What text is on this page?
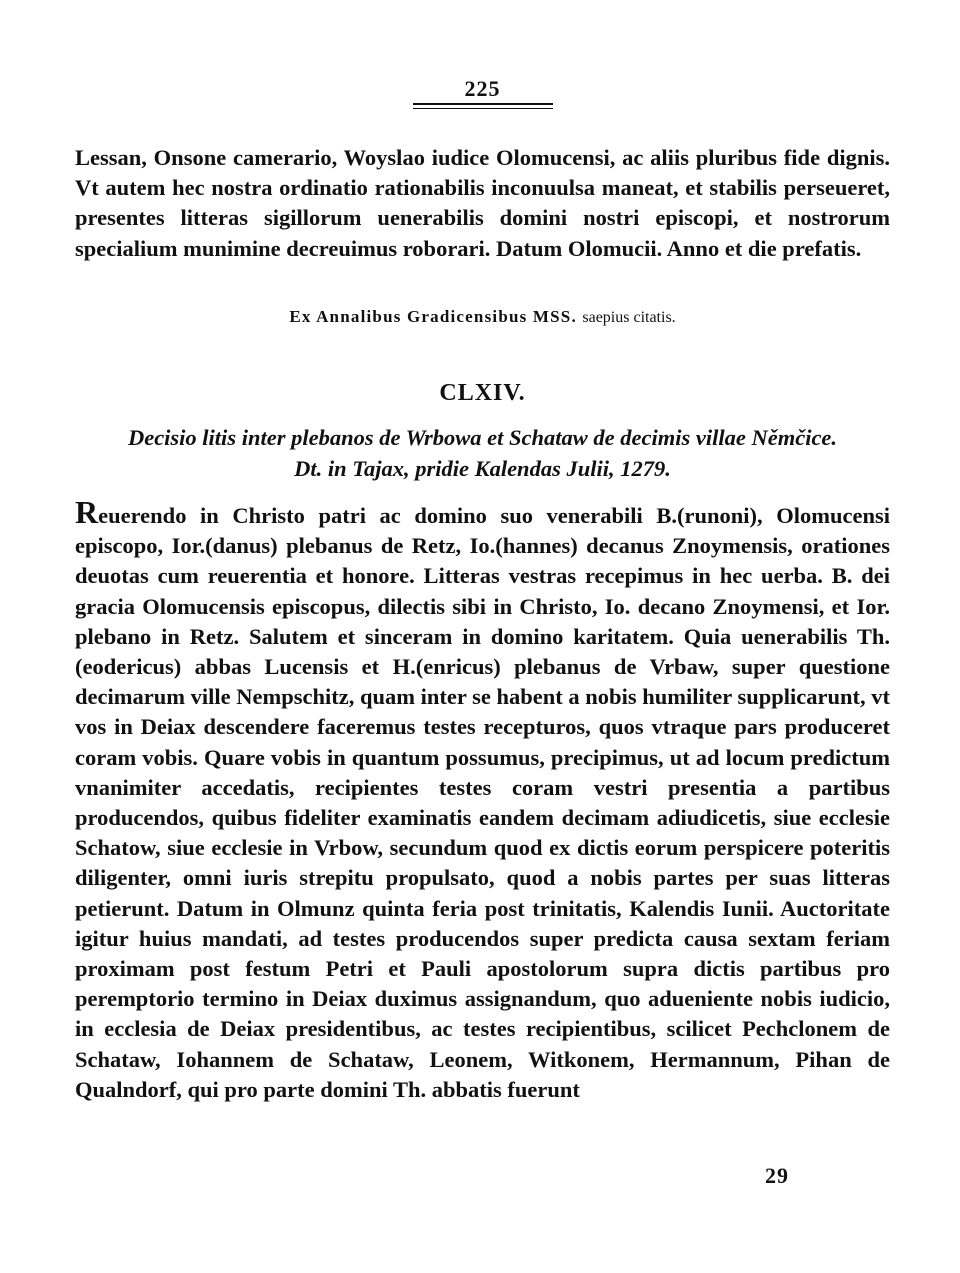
225

Lessan, Onsone camerario, Woyslao iudice Olomucensi, ac aliis pluribus fide dignis. Vt autem hec nostra ordinatio rationabilis inconuulsa maneat, et stabilis perseueret, presentes litteras sigillorum uenerabilis domini nostri episcopi, et nostrorum specialium munimine decreuimus roborari. Datum Olomucii. Anno et die prefatis.

Ex Annalibus Gradicensibus MSS. saepius citatis.
CLXIV.
Decisio litis inter plebanos de Wrbowa et Schataw de decimis villae Němčice.
Dt. in Tajax, pridie Kalendas Julii, 1279.

Reuerendo in Christo patri ac domino suo venerabili B.(runoni), Olomucensi episcopo, Ior.(danus) plebanus de Retz, Io.(hannes) decanus Znoymensis, orationes deuotas cum reuerentia et honore. Litteras vestras recepimus in hec uerba. B. dei gracia Olomucensis episcopus, dilectis sibi in Christo, Io. decano Znoymensi, et Ior. plebano in Retz. Salutem et sinceram in domino karitatem. Quia uenerabilis Th.(eodericus) abbas Lucensis et H.(enricus) plebanus de Vrbaw, super questione decimarum ville Nempschitz, quam inter se habent a nobis humiliter supplicarunt, vt vos in Deiax descendere faceremus testes recepturos, quos vtraque pars produceret coram vobis. Quare vobis in quantum possumus, precipimus, ut ad locum predictum vnanimiter accedatis, recipientes testes coram vestri presentia a partibus producendos, quibus fideliter examinatis eandem decimam adiudicetis, siue ecclesie Schatow, siue ecclesie in Vrbow, secundum quod ex dictis eorum perspicere poteritis diligenter, omni iuris strepitu propulsato, quod a nobis partes per suas litteras petierunt. Datum in Olmunz quinta feria post trinitatis, Kalendis Iunii. Auctoritate igitur huius mandati, ad testes producendos super predicta causa sextam feriam proximam post festum Petri et Pauli apostolorum supra dictis partibus pro peremptorio termino in Deiax duximus assignandum, quo adueniente nobis iudicio, in ecclesia de Deiax presidentibus, ac testes recipientibus, scilicet Pechclonem de Schataw, Iohannem de Schataw, Leonem, Witkonem, Hermannum, Pihan de Qualndorf, qui pro parte domini Th. abbatis fuerunt

29
